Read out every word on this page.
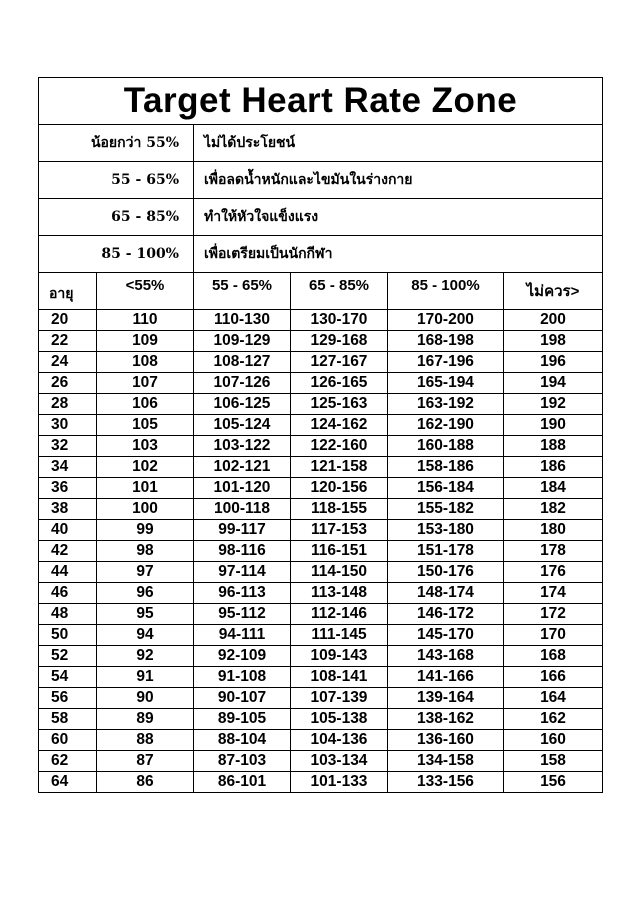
Target Heart Rate Zone					
น้อยกว่า 55%		ไม่ได้ประโยชน์			
55 - 65%		เพื่อลดน้ำหนักและไขมันในร่างกาย			
65 - 85%		ทำให้หัวใจแข็งแรง			
85 - 100%		เพื่อเตรียมเป็นนักกีฬา			
อายุ	<55%	55 - 65%	65 - 85%	85 - 100%	ไม่ควร>
20	110	110-130	130-170	170-200	200
22	109	109-129	129-168	168-198	198
24	108	108-127	127-167	167-196	196
26	107	107-126	126-165	165-194	194
28	106	106-125	125-163	163-192	192
30	105	105-124	124-162	162-190	190
32	103	103-122	122-160	160-188	188
34	102	102-121	121-158	158-186	186
36	101	101-120	120-156	156-184	184
38	100	100-118	118-155	155-182	182
40	99	99-117	117-153	153-180	180
42	98	98-116	116-151	151-178	178
44	97	97-114	114-150	150-176	176
46	96	96-113	113-148	148-174	174
48	95	95-112	112-146	146-172	172
50	94	94-111	111-145	145-170	170
52	92	92-109	109-143	143-168	168
54	91	91-108	108-141	141-166	166
56	90	90-107	107-139	139-164	164
58	89	89-105	105-138	138-162	162
60	88	88-104	104-136	136-160	160
62	87	87-103	103-134	134-158	158
64	86	86-101	101-133	133-156	156
